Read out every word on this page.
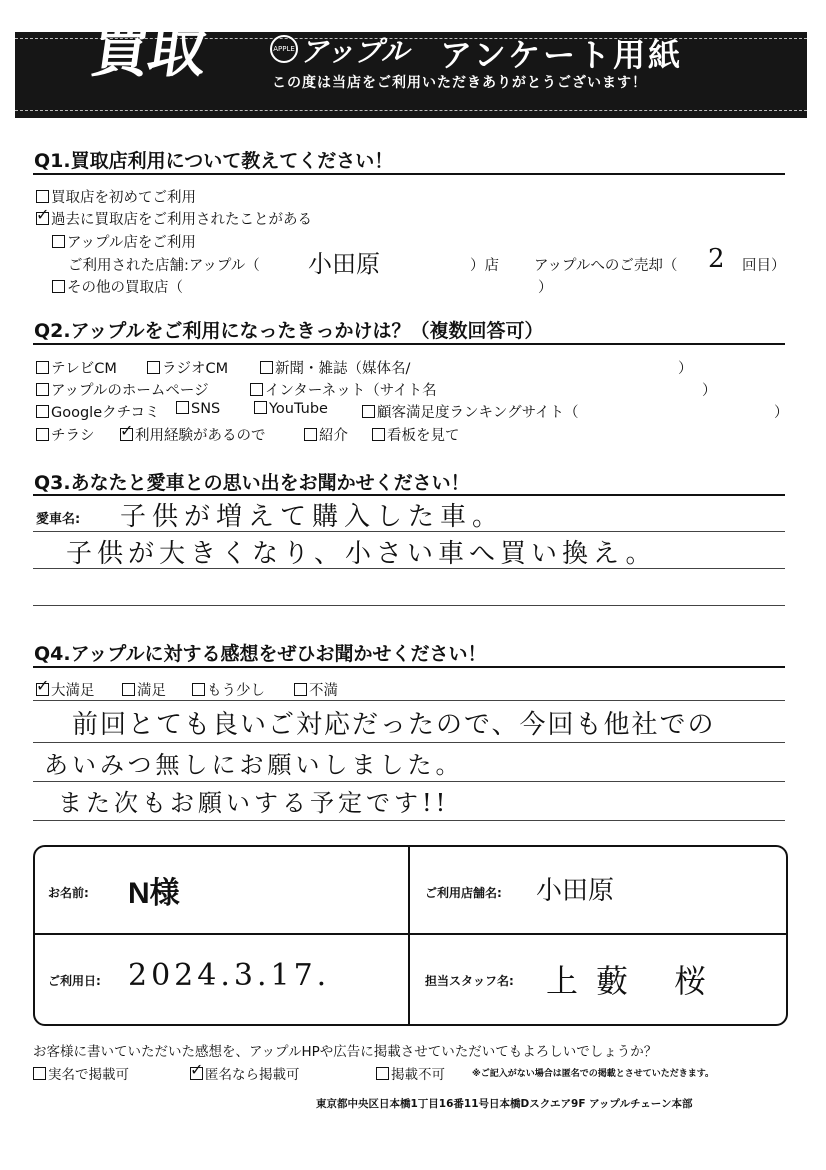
買取	APPLE アップル アンケート用紙
この度は当店をご利用いただきありがとうございます！
Q1.買取店利用について教えてください！
買取店を初めてご利用
✓過去に買取店をご利用されたことがある
アップル店をご利用
ご利用された店舗:アップル（ 小田原	）店 アップルへのご売却（ 2 回目）
その他の買取店（	）
Q2.アップルをご利用になったきっかけは？（複数回答可）
テレビCM	ラジオCM	新聞・雑誌（媒体名/	）
アップルのホームページ	インターネット（サイト名	）
Googleクチコミ	SNS	YouTube	顧客満足度ランキングサイト（	）
チラシ ✓	利用経験があるので	紹介	看板を見て
Q3.あなたと愛車との思い出をお聞かせください！
愛車名: 子供が増えて購入した車。
子供が大きくなり、小さい車へ買い換え。
Q4.アップルに対する感想をぜひお聞かせください！
✓大満足	満足	もう少し	不満
前回とても良いご対応だったので、今回も他社での
あいみつ無しにお願いしました。
また次もお願いする予定です!!
お名前: N様	ご利用店舗名: 小田原
ご利用日: 2024.3.17.	担当スタッフ名: 上藪 桜
お客様に書いていただいた感想を、アップルHPや広告に掲載させていただいてもよろしいでしょうか？
実名で掲載可 ✓	匿名なら掲載可	掲載不可	※ご記入がない場合は匿名での掲載とさせていただきます。
東京都中央区日本橋1丁目16番11号日本橋Dスクエア9F アップルチェーン本部
